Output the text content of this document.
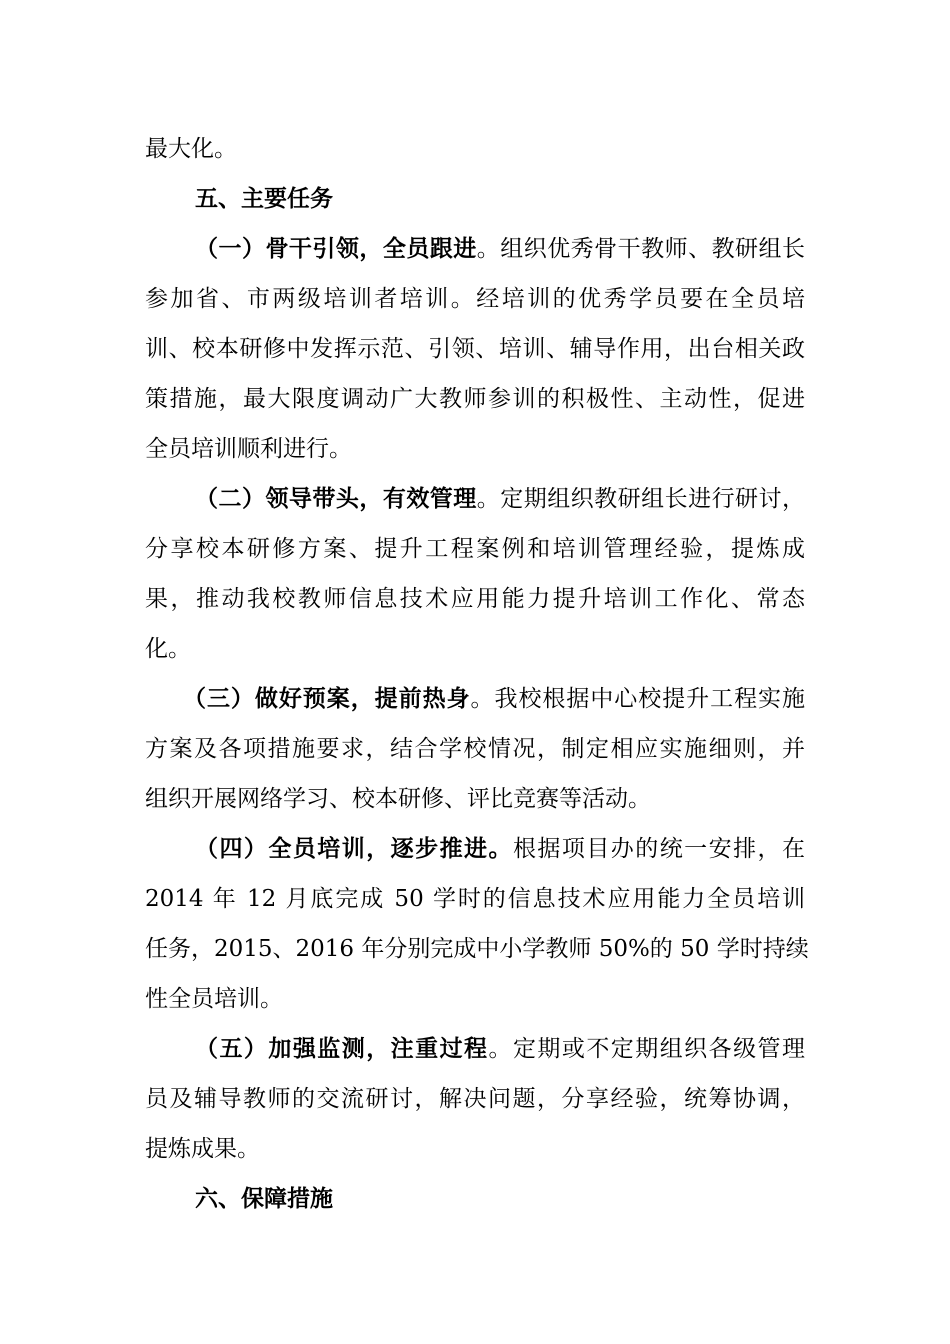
最大化。
五、主要任务
（一）骨干引领，全员跟进。组织优秀骨干教师、教研组长
参加省、市两级培训者培训。经培训的优秀学员要在全员培
训、校本研修中发挥示范、引领、培训、辅导作用，出台相关政
策措施，最大限度调动广大教师参训的积极性、主动性，促进
全员培训顺利进行。
（二）领导带头，有效管理。定期组织教研组长进行研讨，
分享校本研修方案、提升工程案例和培训管理经验，提炼成
果，推动我校教师信息技术应用能力提升培训工作化、常态
化。
（三）做好预案，提前热身。我校根据中心校提升工程实施
方案及各项措施要求，结合学校情况，制定相应实施细则，并
组织开展网络学习、校本研修、评比竞赛等活动。
（四）全员培训，逐步推进。根据项目办的统一安排，在
2014 年 12 月底完成 50 学时的信息技术应用能力全员培训
任务，2015、2016 年分别完成中小学教师 50%的 50 学时持续
性全员培训。
（五）加强监测，注重过程。定期或不定期组织各级管理
员及辅导教师的交流研讨，解决问题，分享经验，统筹协调，
提炼成果。
六、保障措施
